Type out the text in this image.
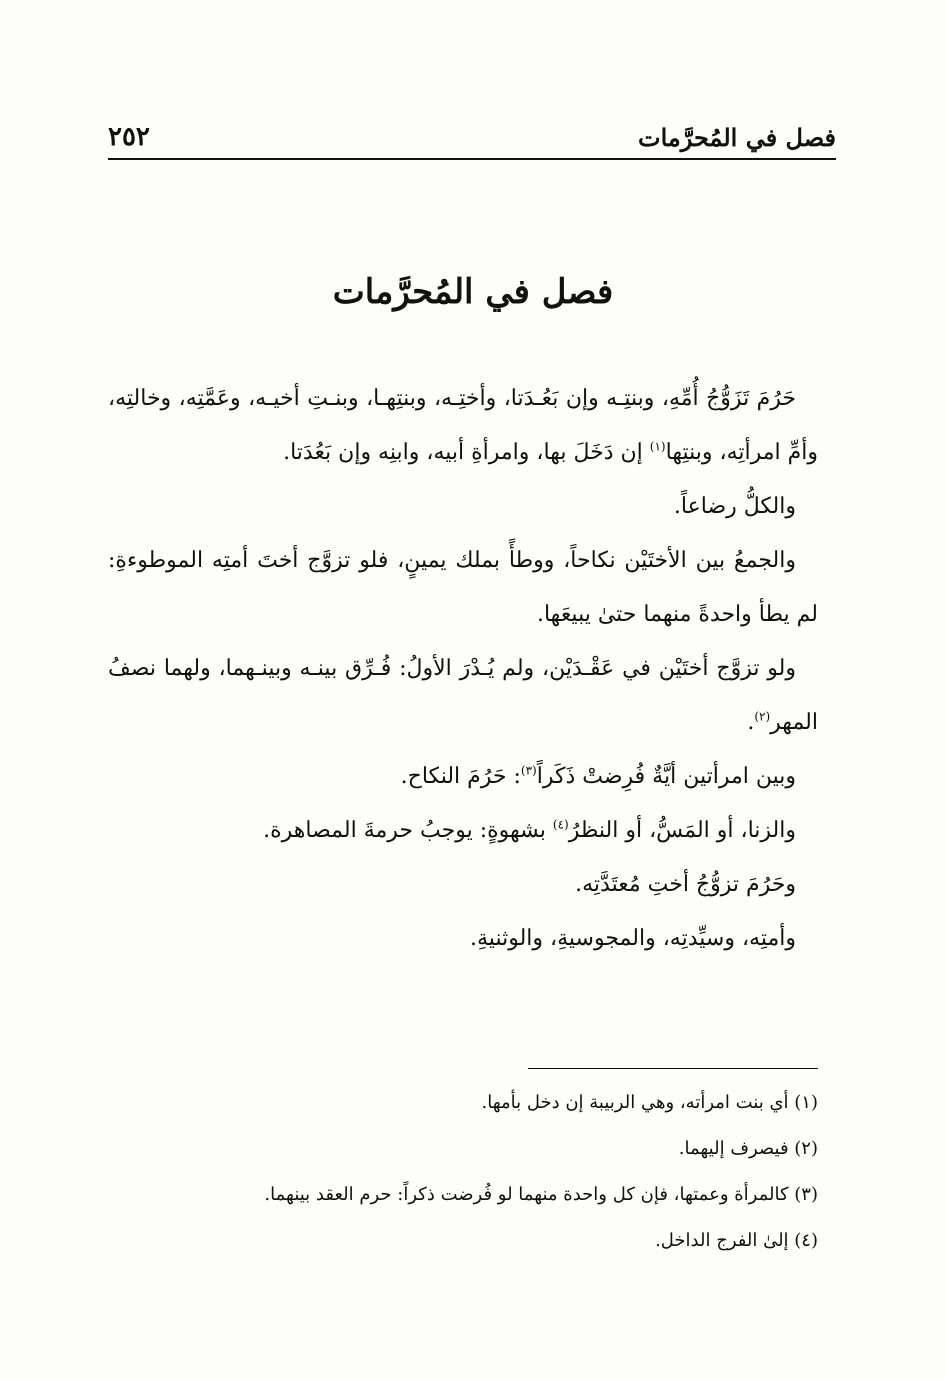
فصل في المُحرَّمات
٢٥٢
فصل في المُحرَّمات

حَرُمَ تَزَوُّجُ أُمِّهِ، وبنتِـه وإن بَعُـدَتا، وأختِـه، وبنتِهـا، وبنـتِ أخيـه، وعَمَّتِه، وخالتِه، وأمِّ امرأتِه، وبنتِها$^{(١)}$ إن دَخَلَ بها، وامرأةِ أبيه، وابنِه وإن بَعُدَتا.

والكلُّ رضاعاً.

والجمعُ بين الأختَيْن نكاحاً، ووطأً بملك يمينٍ، فلو تزوَّج أختَ أمتِه الموطوءةِ: لم يطأ واحدةً منهما حتىٰ يبيعَها.

ولو تزوَّج أختَيْن في عَقْـدَيْن، ولم يُـدْرَ الأولُ: فُـرِّق بينـه وبينـهما، ولهما نصفُ المهر$^{(٢)}$.

وبين امرأتين أيَّةٌ فُرِضتْ ذَكَراً$^{(٣)}$: حَرُمَ النكاح.

والزنا، أو المَسُّ، أو النظرُ$^{(٤)}$ بشهوةٍ: يوجبُ حرمةَ المصاهرة.

وحَرُمَ تزوُّجُ أختِ مُعتَدَّتِه.

وأمتِه، وسيِّدتِه، والمجوسيةِ، والوثنيةِ.

(١) أي بنت امرأته، وهي الربيبة إن دخل بأمها.

(٢) فيصرف إليهما.

(٣) كالمرأة وعمتها، فإن كل واحدة منهما لو فُرضت ذكراً: حرم العقد بينهما.

(٤) إلىٰ الفرج الداخل.
